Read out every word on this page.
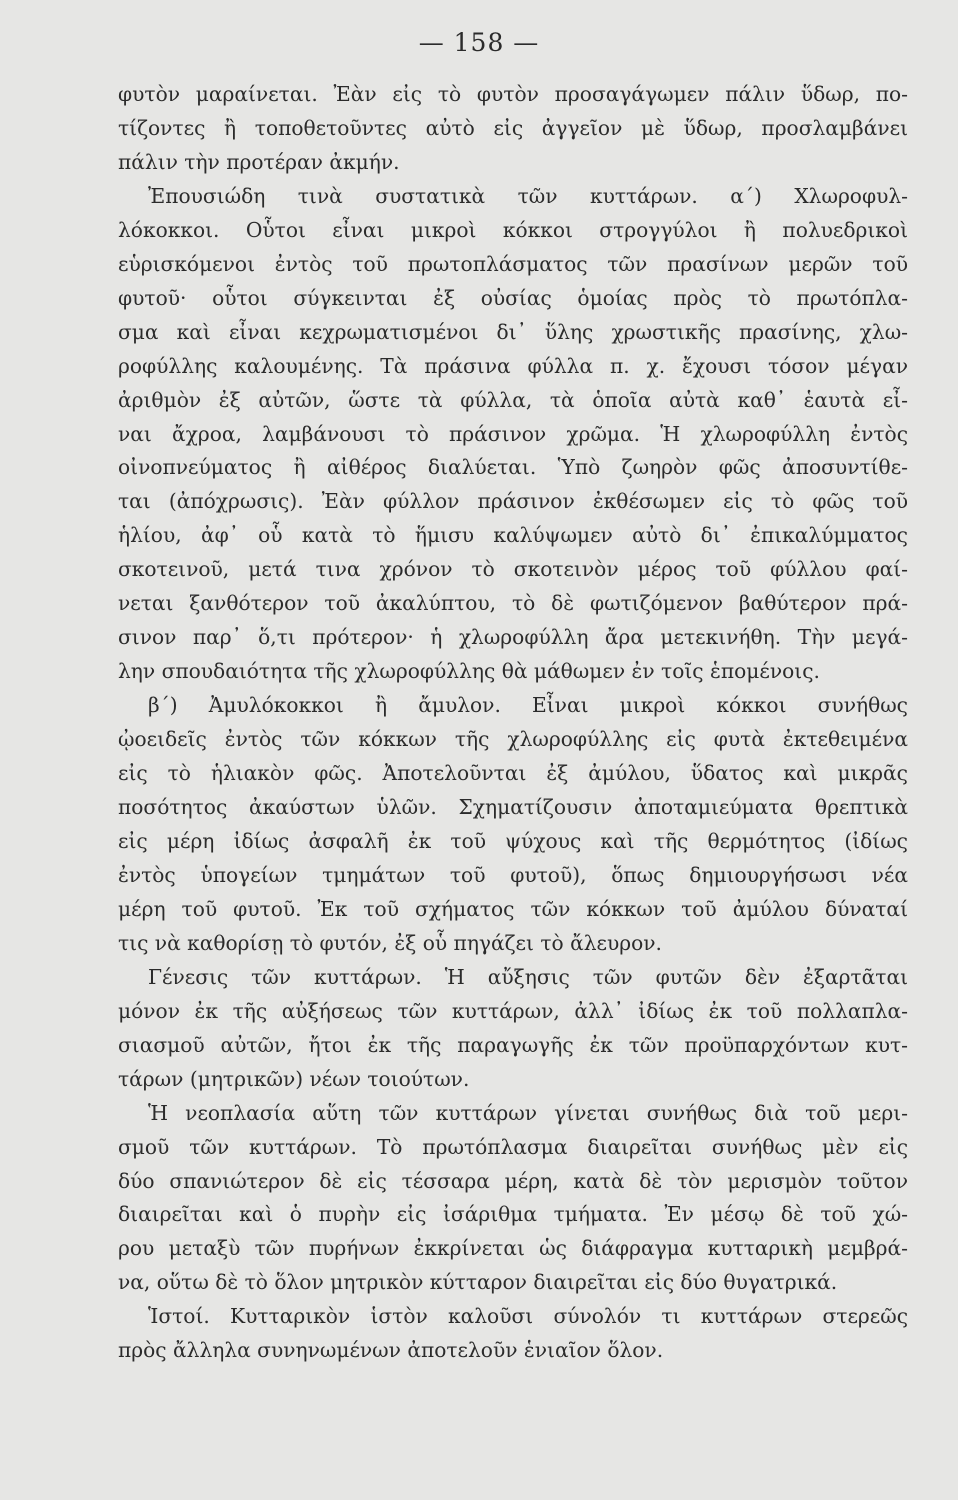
— 158 —
φυτὸν μαραίνεται. Ἐὰν εἰς τὸ φυτὸν προσαγάγωμεν πάλιν ὕδωρ, πο-
τίζοντες ἢ τοποθετοῦντες αὐτὸ εἰς ἀγγεῖον μὲ ὕδωρ, προσλαμβάνει
πάλιν τὴν προτέραν ἀκμήν.
Ἐπουσιώδη τινὰ συστατικὰ τῶν κυττάρων. α΄) Χλωροφυλ-
λόκοκκοι. Οὗτοι εἶναι μικροὶ κόκκοι στρογγύλοι ἢ πολυεδρικοὶ
εὑρισκόμενοι ἐντὸς τοῦ πρωτοπλάσματος τῶν πρασίνων μερῶν τοῦ
φυτοῦ· οὗτοι σύγκεινται ἐξ οὐσίας ὁμοίας πρὸς τὸ πρωτόπλα-
σμα καὶ εἶναι κεχρωματισμένοι δι᾽ ὕλης χρωστικῆς πρασίνης, χλω-
ροφύλλης καλουμένης. Τὰ πράσινα φύλλα π. χ. ἔχουσι τόσον μέγαν
ἀριθμὸν ἐξ αὐτῶν, ὥστε τὰ φύλλα, τὰ ὁποῖα αὐτὰ καθ᾽ ἑαυτὰ εἶ-
ναι ἄχροα, λαμβάνουσι τὸ πράσινον χρῶμα. Ἡ χλωροφύλλη ἐντὸς
οἰνοπνεύματος ἢ αἰθέρος διαλύεται. Ὑπὸ ζωηρὸν φῶς ἀποσυντίθε-
ται (ἀπόχρωσις). Ἐὰν φύλλον πράσινον ἐκθέσωμεν εἰς τὸ φῶς τοῦ
ἡλίου, ἀφ᾽ οὗ κατὰ τὸ ἥμισυ καλύψωμεν αὐτὸ δι᾽ ἐπικαλύμματος
σκοτεινοῦ, μετά τινα χρόνον τὸ σκοτεινὸν μέρος τοῦ φύλλου φαί-
νεται ξανθότερον τοῦ ἀκαλύπτου, τὸ δὲ φωτιζόμενον βαθύτερον πρά-
σινον παρ᾽ ὅ,τι πρότερον· ἡ χλωροφύλλη ἄρα μετεκινήθη. Τὴν μεγά-
λην σπουδαιότητα τῆς χλωροφύλλης θὰ μάθωμεν ἐν τοῖς ἑπομένοις.
β΄) Ἀμυλόκοκκοι ἢ ἄμυλον. Εἶναι μικροὶ κόκκοι συνήθως
ᾠοειδεῖς ἐντὸς τῶν κόκκων τῆς χλωροφύλλης εἰς φυτὰ ἐκτεθειμένα
εἰς τὸ ἡλιακὸν φῶς. Ἀποτελοῦνται ἐξ ἀμύλου, ὕδατος καὶ μικρᾶς
ποσότητος ἀκαύστων ὑλῶν. Σχηματίζουσιν ἀποταμιεύματα θρεπτικὰ
εἰς μέρη ἰδίως ἀσφαλῆ ἐκ τοῦ ψύχους καὶ τῆς θερμότητος (ἰδίως
ἐντὸς ὑπογείων τμημάτων τοῦ φυτοῦ), ὅπως δημιουργήσωσι νέα
μέρη τοῦ φυτοῦ. Ἐκ τοῦ σχήματος τῶν κόκκων τοῦ ἀμύλου δύναταί
τις νὰ καθορίσῃ τὸ φυτόν, ἐξ οὗ πηγάζει τὸ ἄλευρον.
Γένεσις τῶν κυττάρων. Ἡ αὔξησις τῶν φυτῶν δὲν ἐξαρτᾶται
μόνον ἐκ τῆς αὐξήσεως τῶν κυττάρων, ἀλλ᾽ ἰδίως ἐκ τοῦ πολλαπλα-
σιασμοῦ αὐτῶν, ἤτοι ἐκ τῆς παραγωγῆς ἐκ τῶν προϋπαρχόντων κυτ-
τάρων (μητρικῶν) νέων τοιούτων.
Ἡ νεοπλασία αὕτη τῶν κυττάρων γίνεται συνήθως διὰ τοῦ μερι-
σμοῦ τῶν κυττάρων. Τὸ πρωτόπλασμα διαιρεῖται συνήθως μὲν εἰς
δύο σπανιώτερον δὲ εἰς τέσσαρα μέρη, κατὰ δὲ τὸν μερισμὸν τοῦτον
διαιρεῖται καὶ ὁ πυρὴν εἰς ἰσάριθμα τμήματα. Ἐν μέσῳ δὲ τοῦ χώ-
ρου μεταξὺ τῶν πυρήνων ἐκκρίνεται ὡς διάφραγμα κυτταρικὴ μεμβρά-
να, οὕτω δὲ τὸ ὅλον μητρικὸν κύτταρον διαιρεῖται εἰς δύο θυγατρικά.
Ἱστοί. Κυτταρικὸν ἱστὸν καλοῦσι σύνολόν τι κυττάρων στερεῶς
πρὸς ἄλληλα συνηνωμένων ἀποτελοῦν ἑνιαῖον ὅλον.
